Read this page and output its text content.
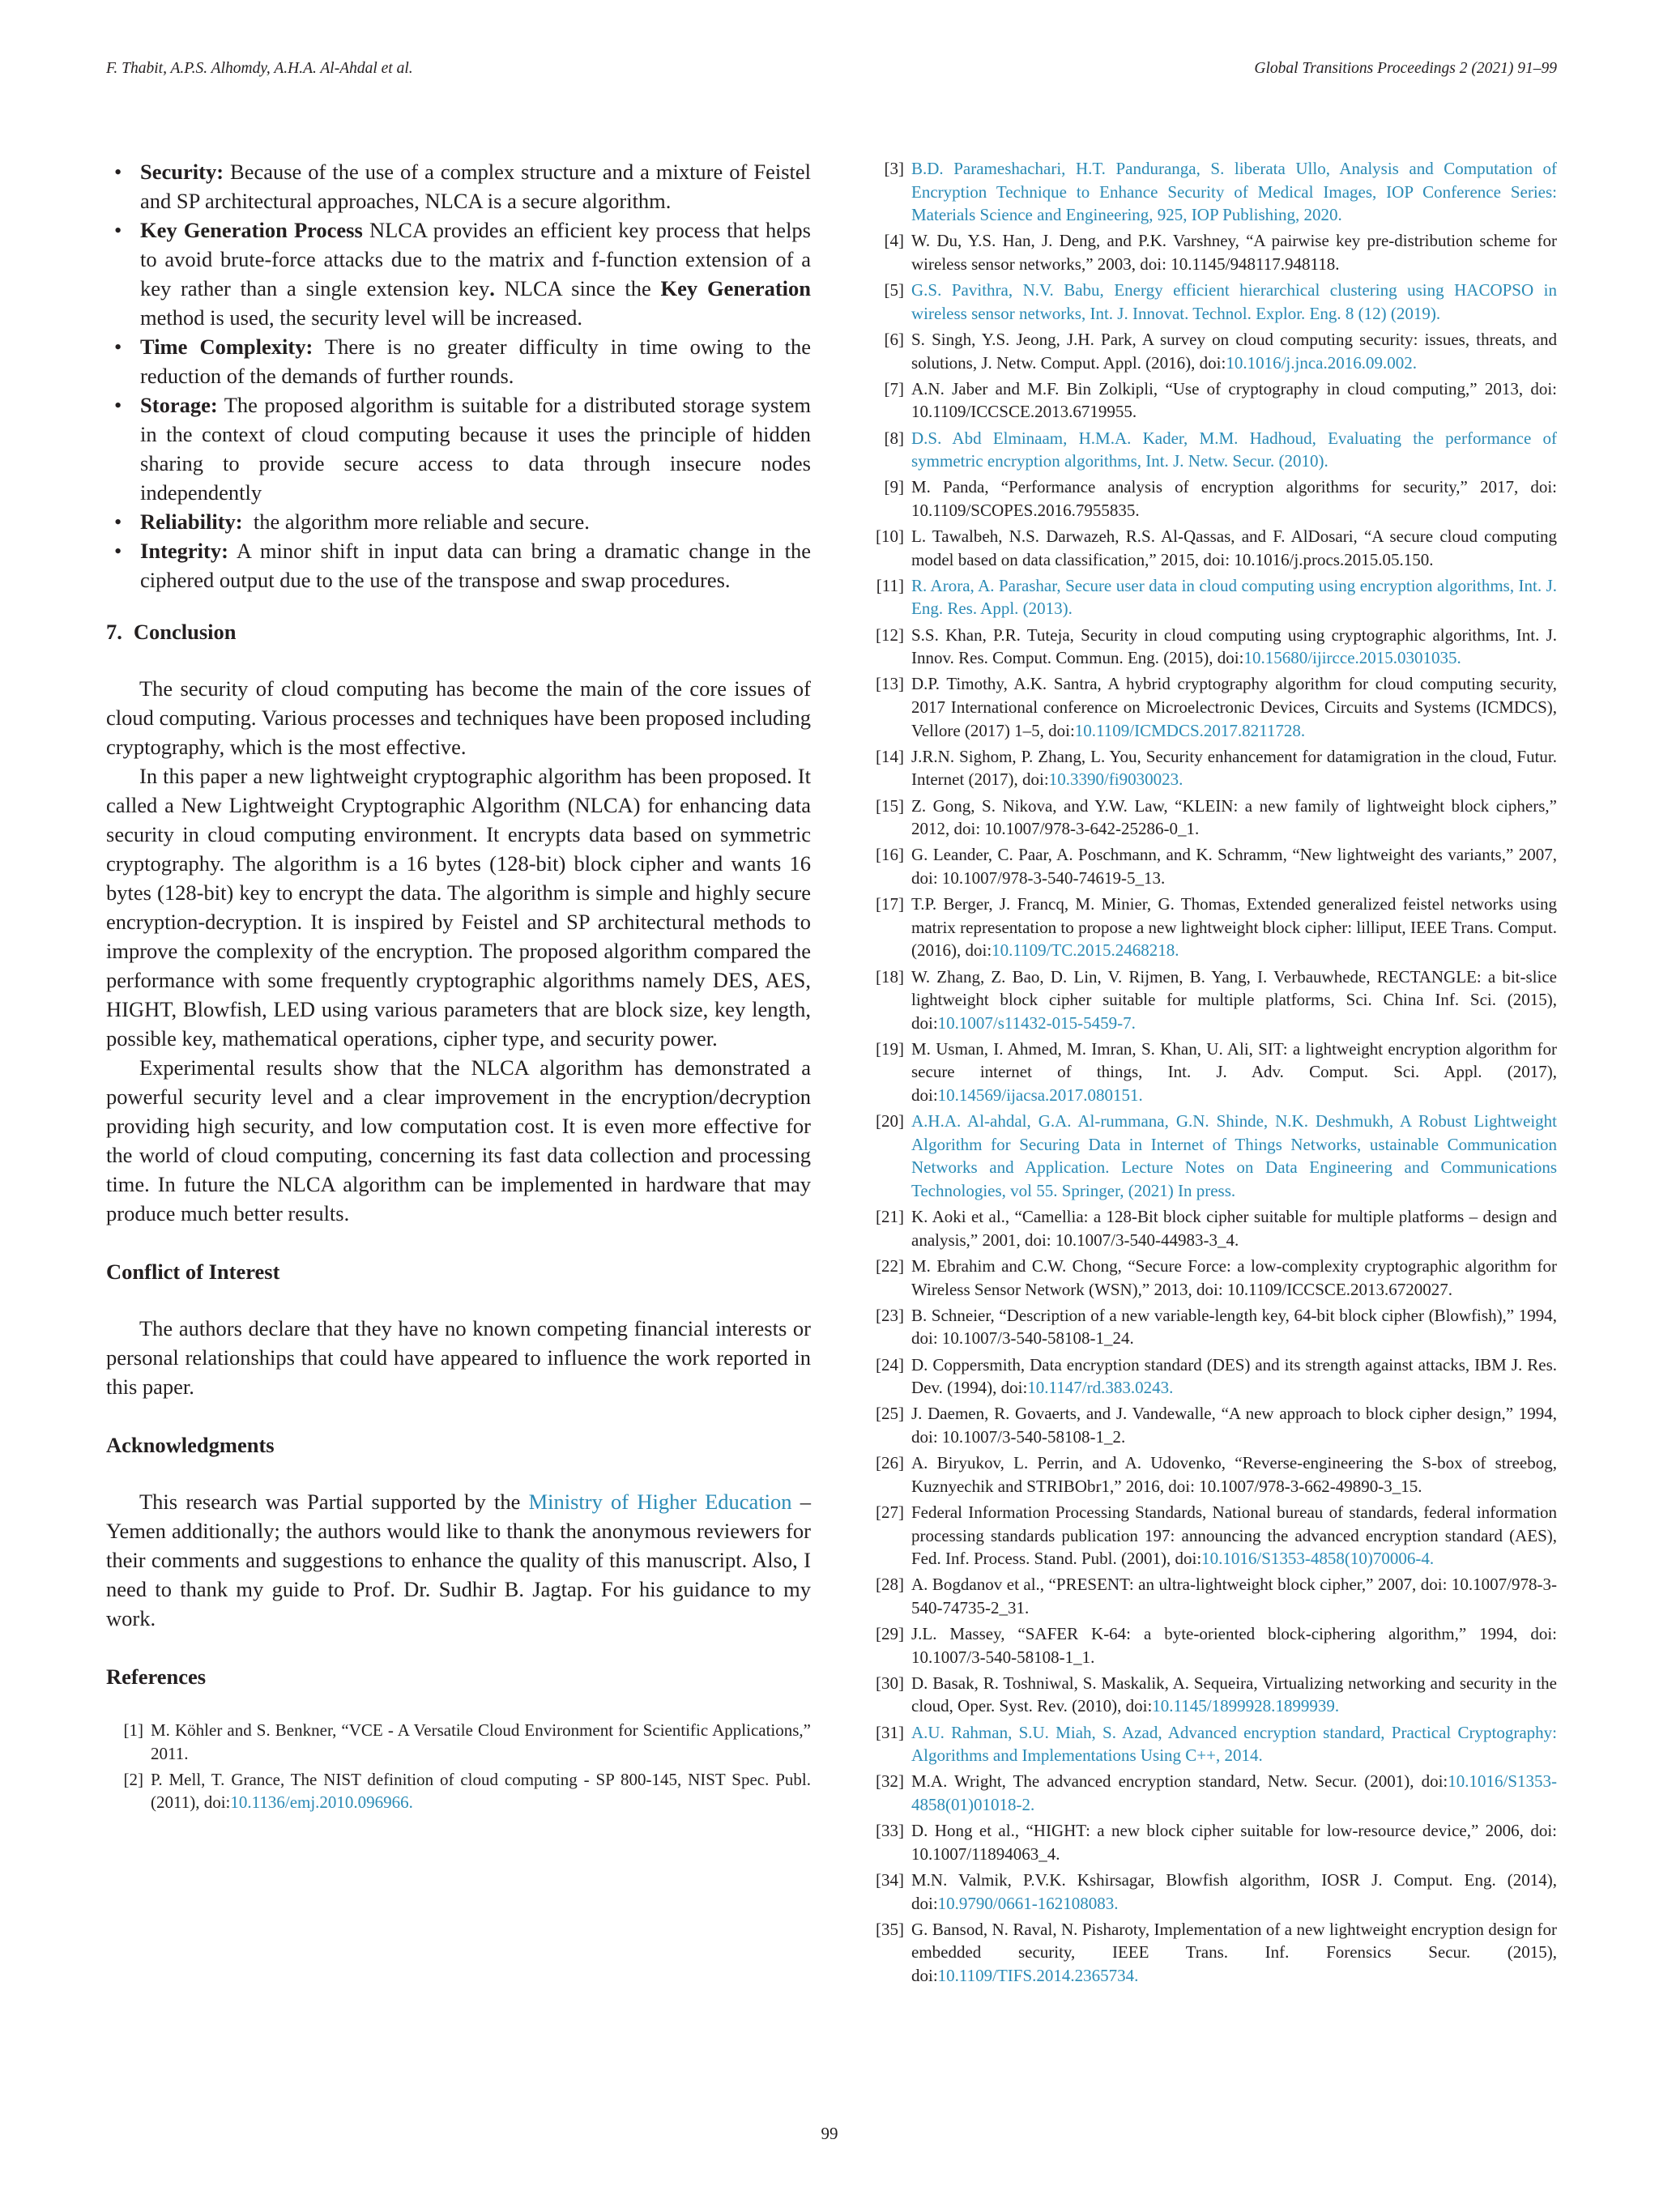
F. Thabit, A.P.S. Alhomdy, A.H.A. Al-Ahdal et al.	Global Transitions Proceedings 2 (2021) 91–99
• Security: Because of the use of a complex structure and a mixture of Feistel and SP architectural approaches, NLCA is a secure algorithm.
• Key Generation Process NLCA provides an efficient key process that helps to avoid brute-force attacks due to the matrix and f-function extension of a key rather than a single extension key. NLCA since the Key Generation method is used, the security level will be increased.
• Time Complexity: There is no greater difficulty in time owing to the reduction of the demands of further rounds.
• Storage: The proposed algorithm is suitable for a distributed storage system in the context of cloud computing because it uses the principle of hidden sharing to provide secure access to data through insecure nodes independently
• Reliability:  the algorithm more reliable and secure.
• Integrity: A minor shift in input data can bring a dramatic change in the ciphered output due to the use of the transpose and swap procedures.
7. Conclusion

The security of cloud computing has become the main of the core issues of cloud computing. Various processes and techniques have been proposed including cryptography, which is the most effective.

In this paper a new lightweight cryptographic algorithm has been proposed. It called a New Lightweight Cryptographic Algorithm (NLCA) for enhancing data security in cloud computing environment. It encrypts data based on symmetric cryptography. The algorithm is a 16 bytes (128-bit) block cipher and wants 16 bytes (128-bit) key to encrypt the data. The algorithm is simple and highly secure encryption-decryption. It is inspired by Feistel and SP architectural methods to improve the complexity of the encryption. The proposed algorithm compared the performance with some frequently cryptographic algorithms namely DES, AES, HIGHT, Blowfish, LED using various parameters that are block size, key length, possible key, mathematical operations, cipher type, and security power.

Experimental results show that the NLCA algorithm has demonstrated a powerful security level and a clear improvement in the encryption/decryption providing high security, and low computation cost. It is even more effective for the world of cloud computing, concerning its fast data collection and processing time. In future the NLCA algorithm can be implemented in hardware that may produce much better results.

Conflict of Interest

The authors declare that they have no known competing financial interests or personal relationships that could have appeared to influence the work reported in this paper.

Acknowledgments

This research was Partial supported by the Ministry of Higher Education – Yemen additionally; the authors would like to thank the anonymous reviewers for their comments and suggestions to enhance the quality of this manuscript. Also, I need to thank my guide to Prof. Dr. Sudhir B. Jagtap. For his guidance to my work.

References
[1] M. Köhler and S. Benkner, “VCE - A Versatile Cloud Environment for Scientific Applications,” 2011.
[2] P. Mell, T. Grance, The NIST definition of cloud computing - SP 800-145, NIST Spec. Publ. (2011), doi:10.1136/emj.2010.096966.
[3] B.D. Parameshachari, H.T. Panduranga, S. liberata Ullo, Analysis and Computation of Encryption Technique to Enhance Security of Medical Images, IOP Conference Series: Materials Science and Engineering, 925, IOP Publishing, 2020.
[4] W. Du, Y.S. Han, J. Deng, and P.K. Varshney, “A pairwise key pre-distribution scheme for wireless sensor networks,” 2003, doi: 10.1145/948117.948118.
[5] G.S. Pavithra, N.V. Babu, Energy efficient hierarchical clustering using HACOPSO in wireless sensor networks, Int. J. Innovat. Technol. Explor. Eng. 8 (12) (2019).
[6] S. Singh, Y.S. Jeong, J.H. Park, A survey on cloud computing security: issues, threats, and solutions, J. Netw. Comput. Appl. (2016), doi:10.1016/j.jnca.2016.09.002.
[7] A.N. Jaber and M.F. Bin Zolkipli, “Use of cryptography in cloud computing,” 2013, doi: 10.1109/ICCSCE.2013.6719955.
[8] D.S. Abd Elminaam, H.M.A. Kader, M.M. Hadhoud, Evaluating the performance of symmetric encryption algorithms, Int. J. Netw. Secur. (2010).
[9] M. Panda, “Performance analysis of encryption algorithms for security,” 2017, doi: 10.1109/SCOPES.2016.7955835.
[10] L. Tawalbeh, N.S. Darwazeh, R.S. Al-Qassas, and F. AlDosari, “A secure cloud computing model based on data classification,” 2015, doi: 10.1016/j.procs.2015.05.150.
[11] R. Arora, A. Parashar, Secure user data in cloud computing using encryption algorithms, Int. J. Eng. Res. Appl. (2013).
[12] S.S. Khan, P.R. Tuteja, Security in cloud computing using cryptographic algorithms, Int. J. Innov. Res. Comput. Commun. Eng. (2015), doi:10.15680/ijircce.2015.0301035.
[13] D.P. Timothy, A.K. Santra, A hybrid cryptography algorithm for cloud computing security, 2017 International conference on Microelectronic Devices, Circuits and Systems (ICMDCS), Vellore (2017) 1–5, doi:10.1109/ICMDCS.2017.8211728.
[14] J.R.N. Sighom, P. Zhang, L. You, Security enhancement for datamigration in the cloud, Futur. Internet (2017), doi:10.3390/fi9030023.
[15] Z. Gong, S. Nikova, and Y.W. Law, “KLEIN: a new family of lightweight block ciphers,” 2012, doi: 10.1007/978-3-642-25286-0_1.
[16] G. Leander, C. Paar, A. Poschmann, and K. Schramm, “New lightweight des variants,” 2007, doi: 10.1007/978-3-540-74619-5_13.
[17] T.P. Berger, J. Francq, M. Minier, G. Thomas, Extended generalized feistel networks using matrix representation to propose a new lightweight block cipher: lilliput, IEEE Trans. Comput. (2016), doi:10.1109/TC.2015.2468218.
[18] W. Zhang, Z. Bao, D. Lin, V. Rijmen, B. Yang, I. Verbauwhede, RECTANGLE: a bit-slice lightweight block cipher suitable for multiple platforms, Sci. China Inf. Sci. (2015), doi:10.1007/s11432-015-5459-7.
[19] M. Usman, I. Ahmed, M. Imran, S. Khan, U. Ali, SIT: a lightweight encryption algorithm for secure internet of things, Int. J. Adv. Comput. Sci. Appl. (2017), doi:10.14569/ijacsa.2017.080151.
[20] A.H.A. Al-ahdal, G.A. Al-rummana, G.N. Shinde, N.K. Deshmukh, A Robust Lightweight Algorithm for Securing Data in Internet of Things Networks, ustainable Communication Networks and Application. Lecture Notes on Data Engineering and Communications Technologies, vol 55. Springer, (2021) In press.
[21] K. Aoki et al., “Camellia: a 128-Bit block cipher suitable for multiple platforms – design and analysis,” 2001, doi: 10.1007/3-540-44983-3_4.
[22] M. Ebrahim and C.W. Chong, “Secure Force: a low-complexity cryptographic algorithm for Wireless Sensor Network (WSN),” 2013, doi: 10.1109/ICCSCE.2013.6720027.
[23] B. Schneier, “Description of a new variable-length key, 64-bit block cipher (Blowfish),” 1994, doi: 10.1007/3-540-58108-1_24.
[24] D. Coppersmith, Data encryption standard (DES) and its strength against attacks, IBM J. Res. Dev. (1994), doi:10.1147/rd.383.0243.
[25] J. Daemen, R. Govaerts, and J. Vandewalle, “A new approach to block cipher design,” 1994, doi: 10.1007/3-540-58108-1_2.
[26] A. Biryukov, L. Perrin, and A. Udovenko, “Reverse-engineering the S-box of streebog, Kuznyechik and STRIBObr1,” 2016, doi: 10.1007/978-3-662-49890-3_15.
[27] Federal Information Processing Standards, National bureau of standards, federal information processing standards publication 197: announcing the advanced encryption standard (AES), Fed. Inf. Process. Stand. Publ. (2001), doi:10.1016/S1353-4858(10)70006-4.
[28] A. Bogdanov et al., “PRESENT: an ultra-lightweight block cipher,” 2007, doi: 10.1007/978-3-540-74735-2_31.
[29] J.L. Massey, “SAFER K-64: a byte-oriented block-ciphering algorithm,” 1994, doi: 10.1007/3-540-58108-1_1.
[30] D. Basak, R. Toshniwal, S. Maskalik, A. Sequeira, Virtualizing networking and security in the cloud, Oper. Syst. Rev. (2010), doi:10.1145/1899928.1899939.
[31] A.U. Rahman, S.U. Miah, S. Azad, Advanced encryption standard, Practical Cryptography: Algorithms and Implementations Using C++, 2014.
[32] M.A. Wright, The advanced encryption standard, Netw. Secur. (2001), doi:10.1016/S1353-4858(01)01018-2.
[33] D. Hong et al., “HIGHT: a new block cipher suitable for low-resource device,” 2006, doi: 10.1007/11894063_4.
[34] M.N. Valmik, P.V.K. Kshirsagar, Blowfish algorithm, IOSR J. Comput. Eng. (2014), doi:10.9790/0661-162108083.
[35] G. Bansod, N. Raval, N. Pisharoty, Implementation of a new lightweight encryption design for embedded security, IEEE Trans. Inf. Forensics Secur. (2015), doi:10.1109/TIFS.2014.2365734.
99
